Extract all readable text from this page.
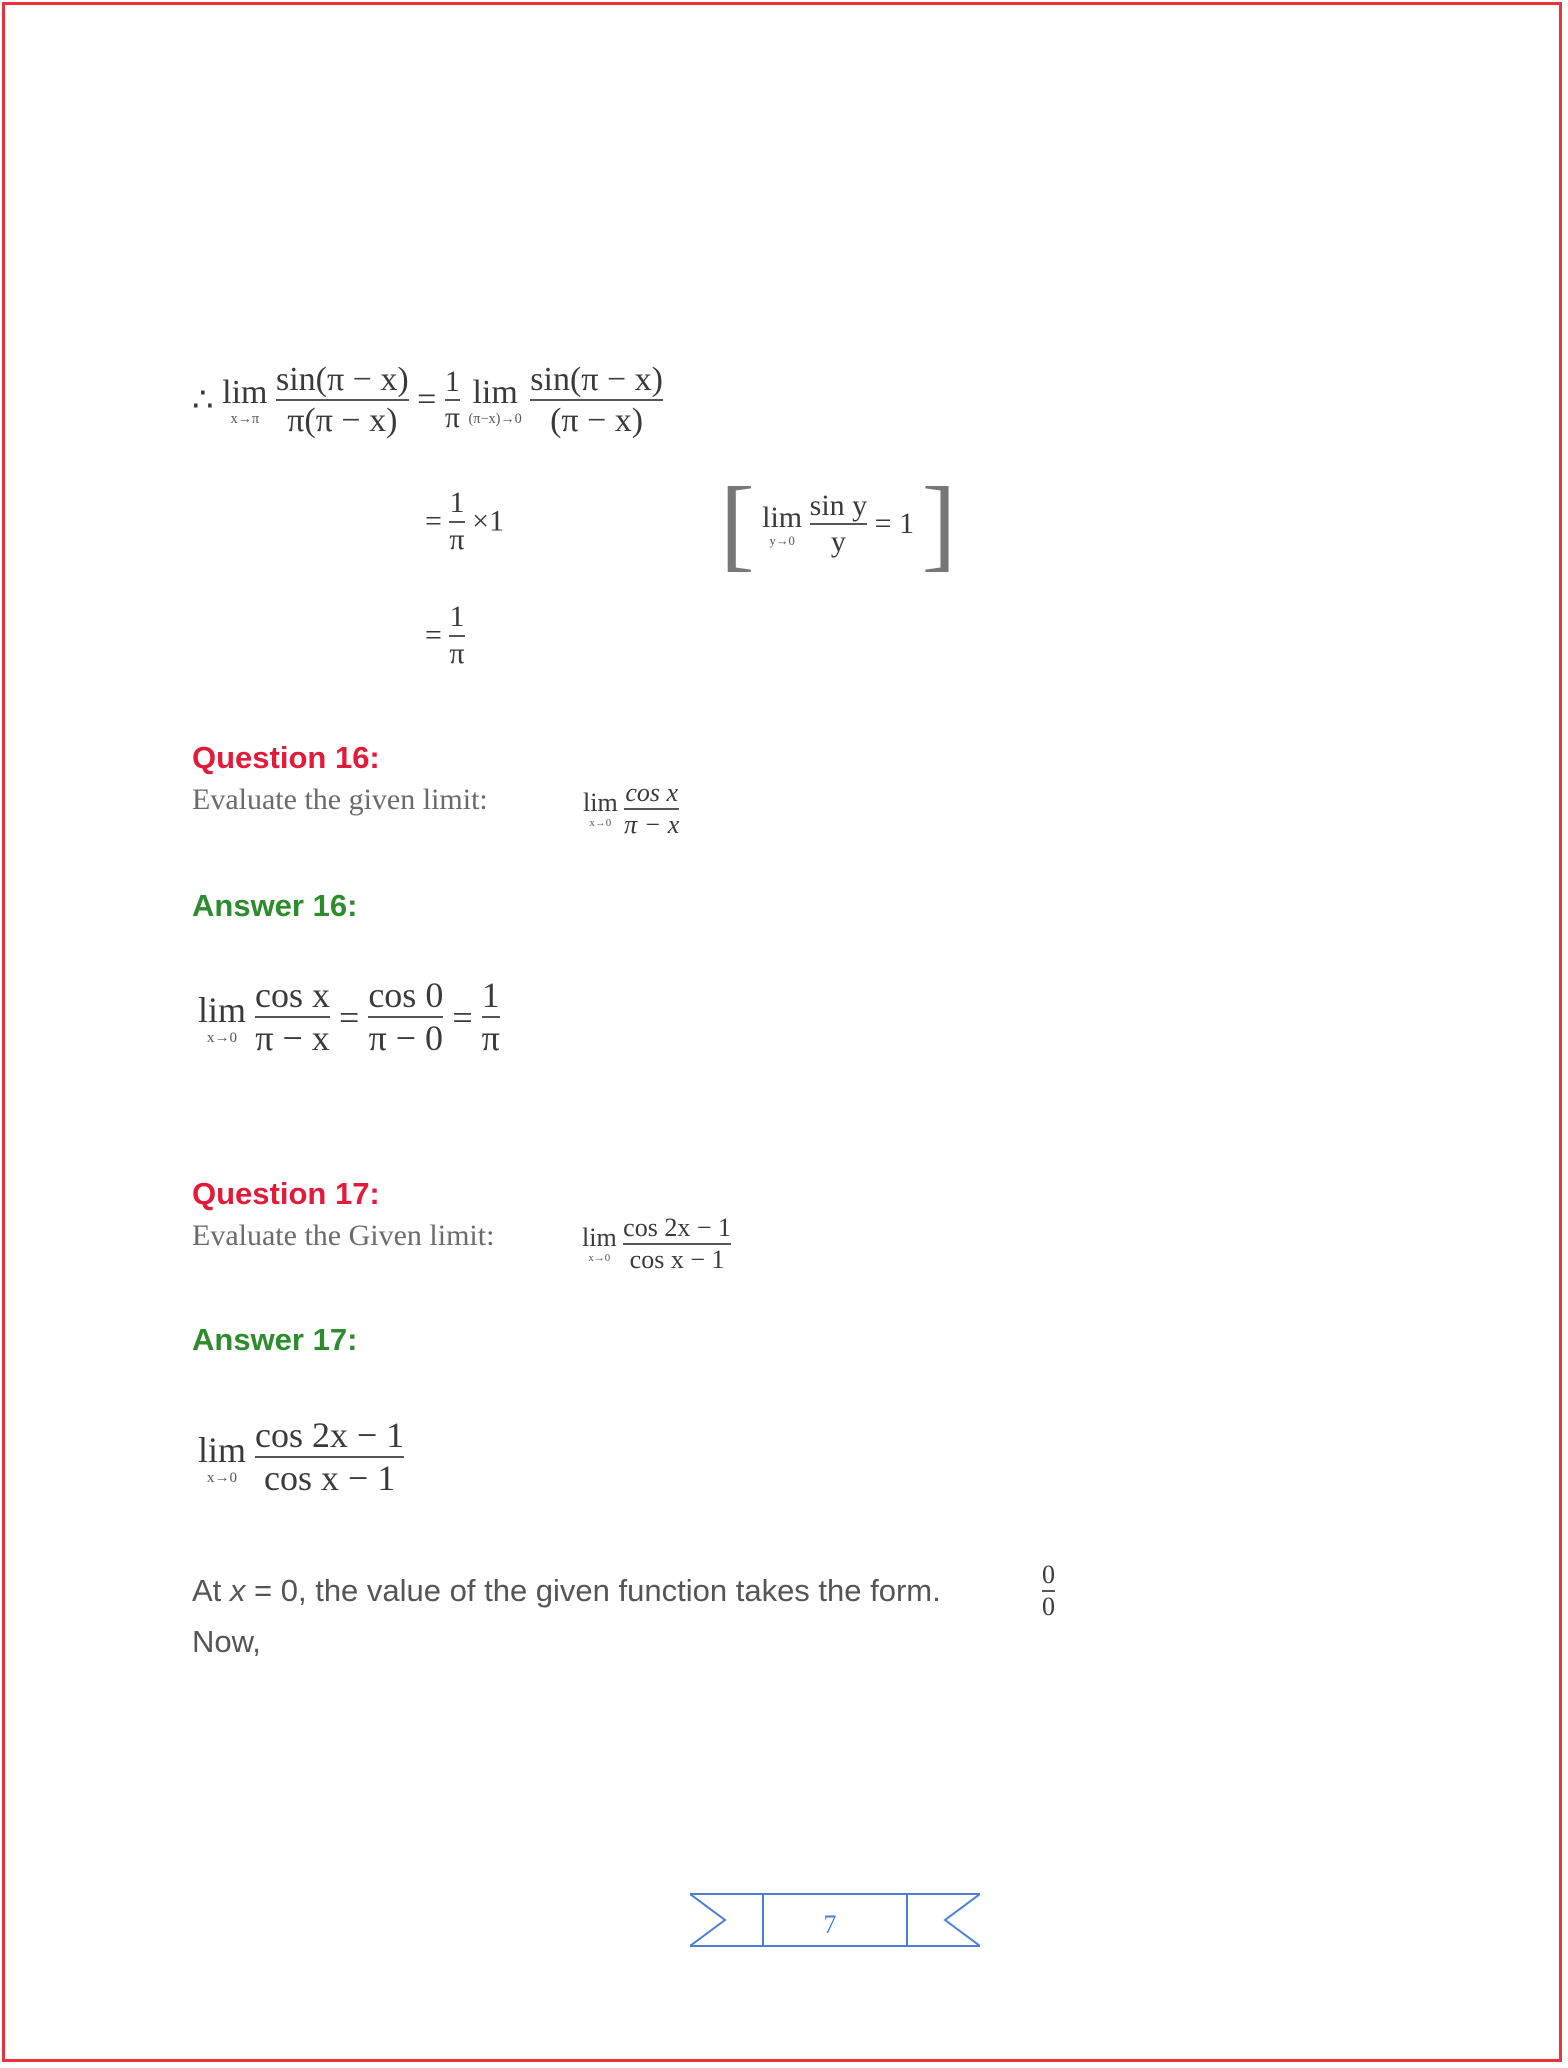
∴ lim
x→π
$\frac{\sin(\pi - x)}{\pi(\pi - x)} = \frac{1}{\pi}$
lim
(π−x)→0
$\frac{\sin(\pi - x)}{(\pi - x)}$
= $\frac{1}{\pi} \times 1$ [ lim
y→0
$\frac{\text{sin y}}{y} = 1$ ]
= $\frac{1}{\pi}$
Question 16:
Evaluate the given limit:	lim
x→0
$\frac{\text{cos x}}{\pi - x}$
Answer 16:
lim
x→0
$\frac{\text{cos x}}{\pi - x} = \frac{\cos 0}{\pi - 0} = \frac{1}{\pi}$
Question 17:
Evaluate the Given limit:	lim
x→0
$\frac{\cos 2x - 1}{\text{cos x − 1}}$
Answer 17:
lim
x→0
$\frac{\cos 2x - 1}{\text{cos x − 1}}$
At x = 0, the value of the given function takes the form.	$\frac{0}{0}$
Now,
7
